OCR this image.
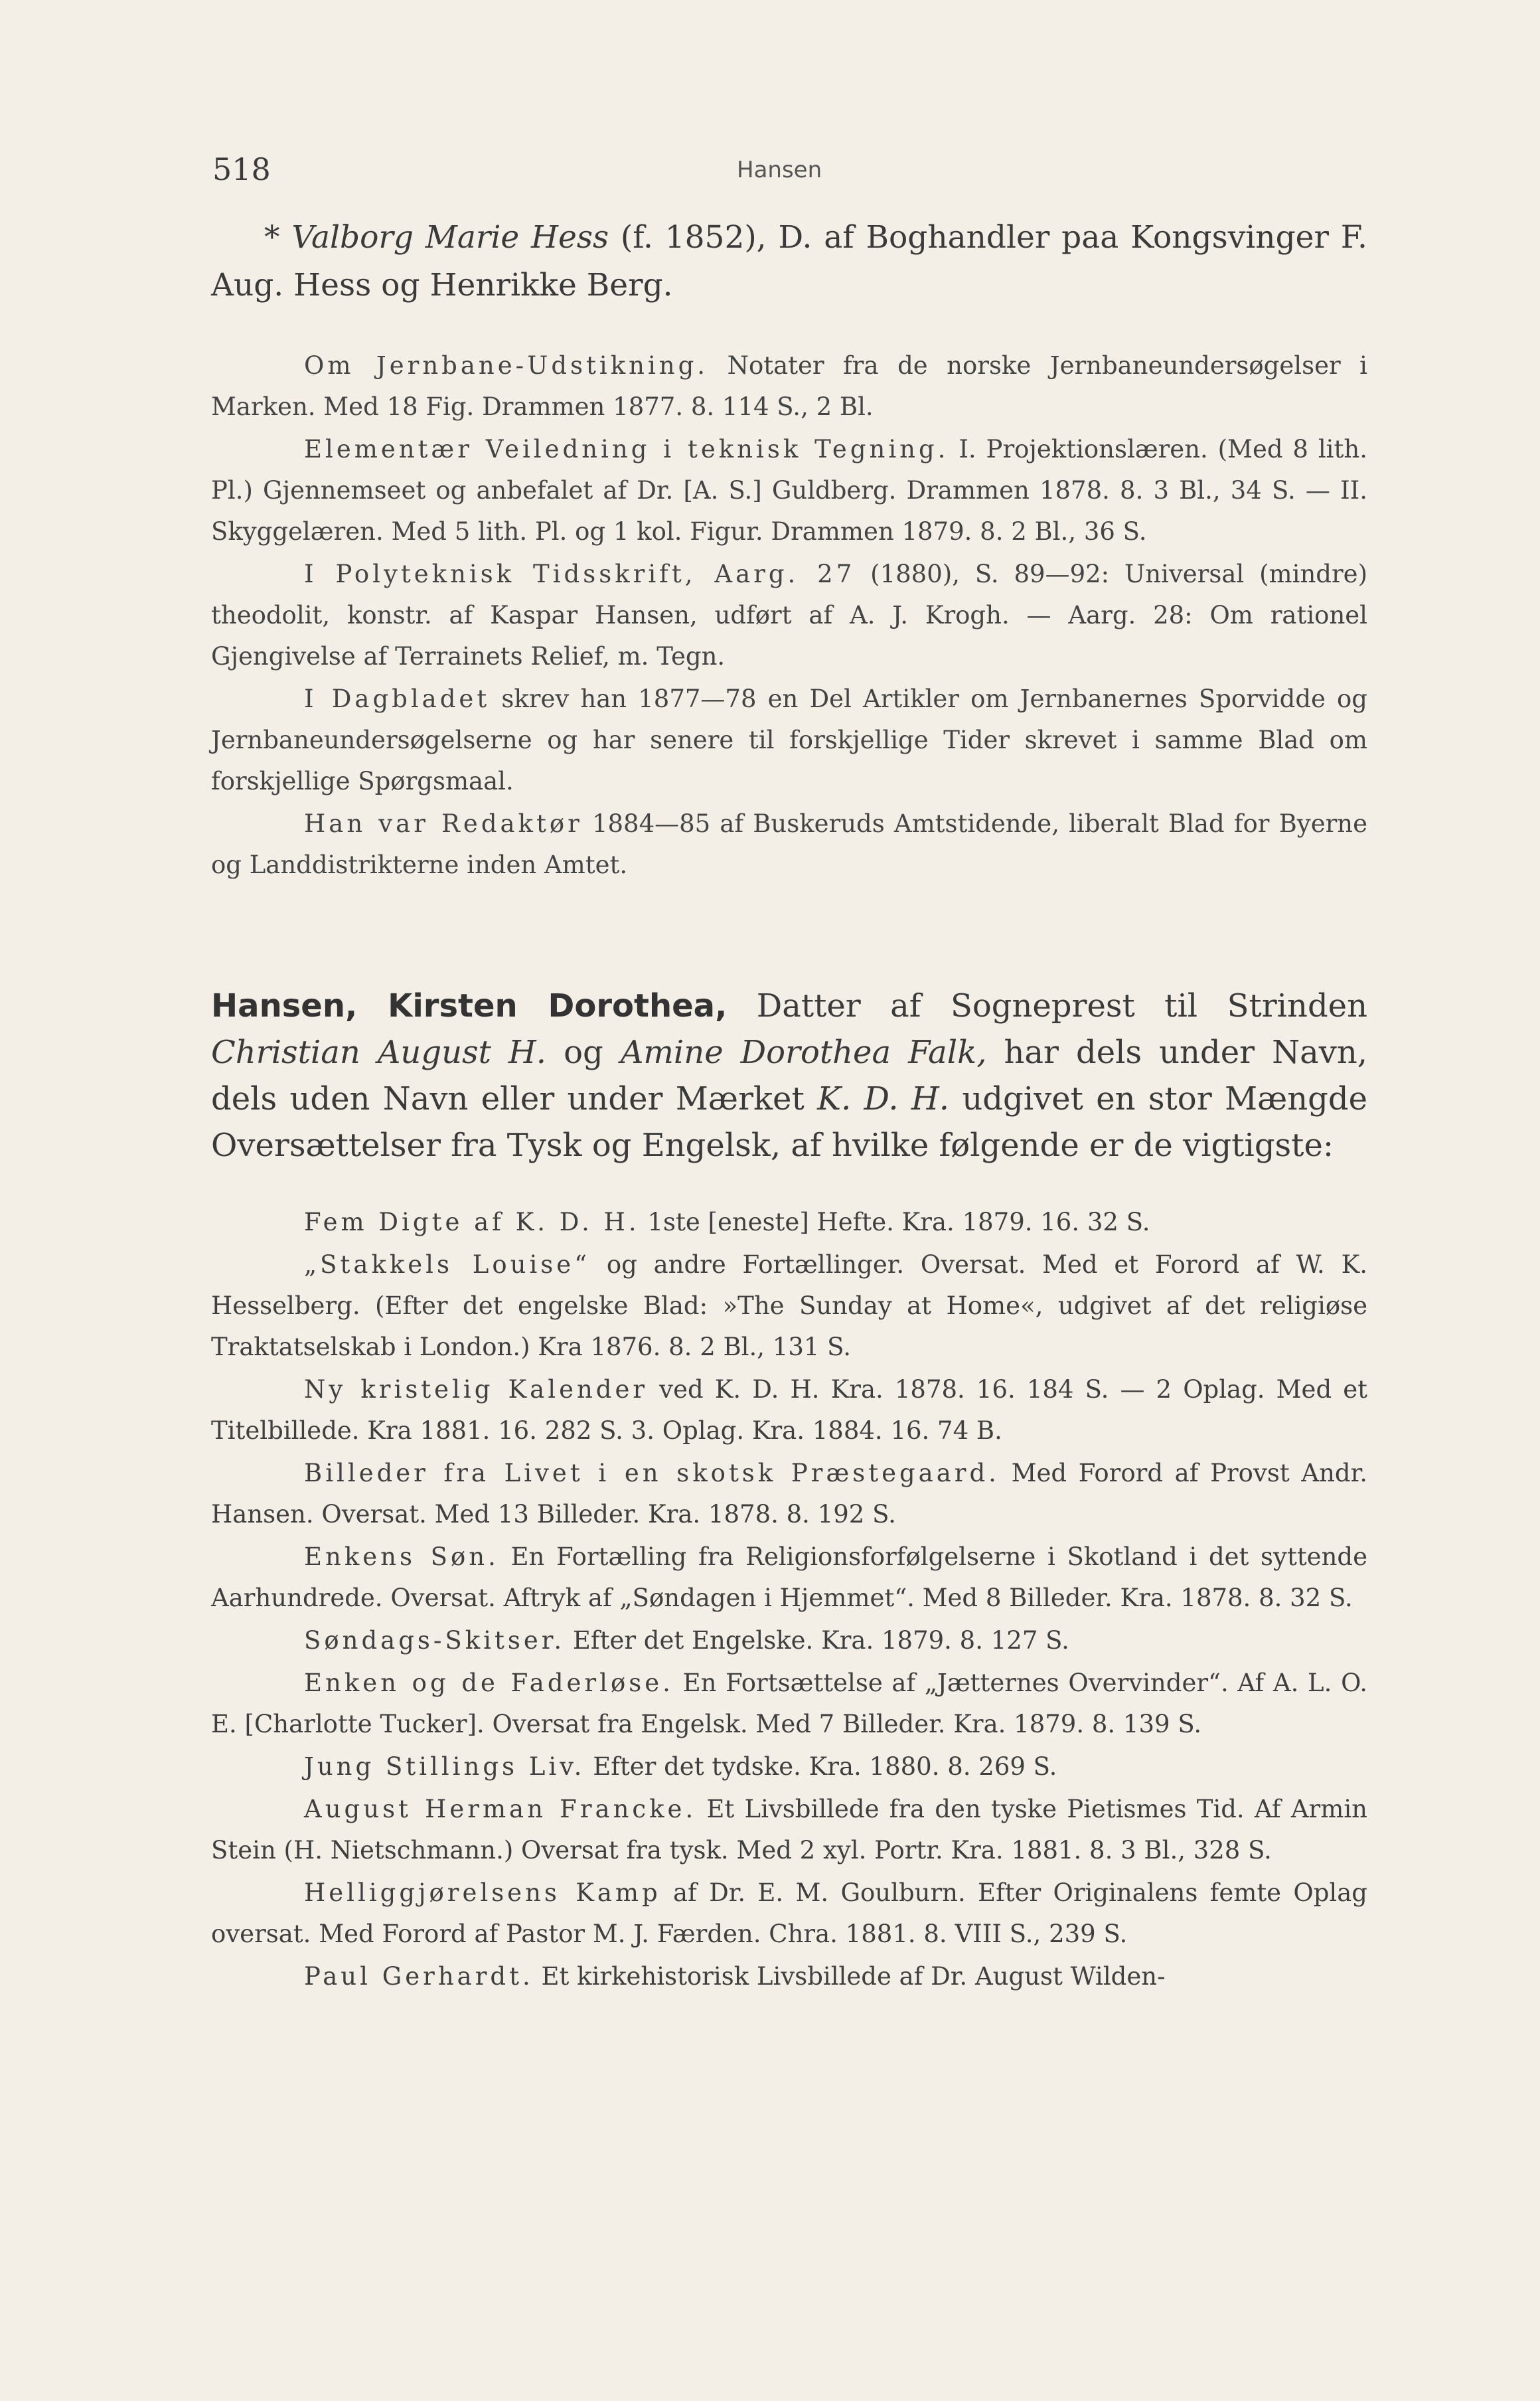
518	Hansen

* Valborg Marie Hess (f. 1852), D. af Boghandler paa Kongsvinger F. Aug. Hess og Henrikke Berg.

Om Jernbane-Udstikning. Notater fra de norske Jernbaneundersøgelser i Marken. Med 18 Fig. Drammen 1877. 8. 114 S., 2 Bl.

Elementær Veiledning i teknisk Tegning. I. Projektionslæren. (Med 8 lith. Pl.) Gjennemseet og anbefalet af Dr. [A. S.] Guldberg. Drammen 1878. 8. 3 Bl., 34 S. — II. Skyggelæren. Med 5 lith. Pl. og 1 kol. Figur. Drammen 1879. 8. 2 Bl., 36 S.

I Polyteknisk Tidsskrift, Aarg. 27 (1880), S. 89—92: Universal (mindre) theodolit, konstr. af Kaspar Hansen, udført af A. J. Krogh. — Aarg. 28: Om rationel Gjengivelse af Terrainets Relief, m. Tegn.

I Dagbladet skrev han 1877—78 en Del Artikler om Jernbanernes Sporvidde og Jernbaneundersøgelserne og har senere til forskjellige Tider skrevet i samme Blad om forskjellige Spørgsmaal.

Han var Redaktør 1884—85 af Buskeruds Amtstidende, liberalt Blad for Byerne og Landdistrikterne inden Amtet.

Hansen, Kirsten Dorothea, Datter af Sogneprest til Strinden Christian August H. og Amine Dorothea Falk, har dels under Navn, dels uden Navn eller under Mærket K. D. H. udgivet en stor Mængde Oversættelser fra Tysk og Engelsk, af hvilke følgende er de vigtigste:

Fem Digte af K. D. H. 1ste [eneste] Hefte. Kra. 1879. 16. 32 S.

„Stakkels Louise“ og andre Fortællinger. Oversat. Med et Forord af W. K. Hesselberg. (Efter det engelske Blad: »The Sunday at Home«, udgivet af det religiøse Traktatselskab i London.) Kra 1876. 8. 2 Bl., 131 S.

Ny kristelig Kalender ved K. D. H. Kra. 1878. 16. 184 S. — 2 Oplag. Med et Titelbillede. Kra 1881. 16. 282 S. 3. Oplag. Kra. 1884. 16. 74 B.

Billeder fra Livet i en skotsk Præstegaard. Med Forord af Provst Andr. Hansen. Oversat. Med 13 Billeder. Kra. 1878. 8. 192 S.

Enkens Søn. En Fortælling fra Religionsforfølgelserne i Skotland i det syttende Aarhundrede. Oversat. Aftryk af „Søndagen i Hjemmet“. Med 8 Billeder. Kra. 1878. 8. 32 S.

Søndags-Skitser. Efter det Engelske. Kra. 1879. 8. 127 S.

Enken og de Faderløse. En Fortsættelse af „Jætternes Overvinder“. Af A. L. O. E. [Charlotte Tucker]. Oversat fra Engelsk. Med 7 Billeder. Kra. 1879. 8. 139 S.

Jung Stillings Liv. Efter det tydske. Kra. 1880. 8. 269 S.

August Herman Francke. Et Livsbillede fra den tyske Pietismes Tid. Af Armin Stein (H. Nietschmann.) Oversat fra tysk. Med 2 xyl. Portr. Kra. 1881. 8. 3 Bl., 328 S.

Helliggjørelsens Kamp af Dr. E. M. Goulburn. Efter Originalens femte Oplag oversat. Med Forord af Pastor M. J. Færden. Chra. 1881. 8. VIII S., 239 S.

Paul Gerhardt. Et kirkehistorisk Livsbillede af Dr. August Wilden-
